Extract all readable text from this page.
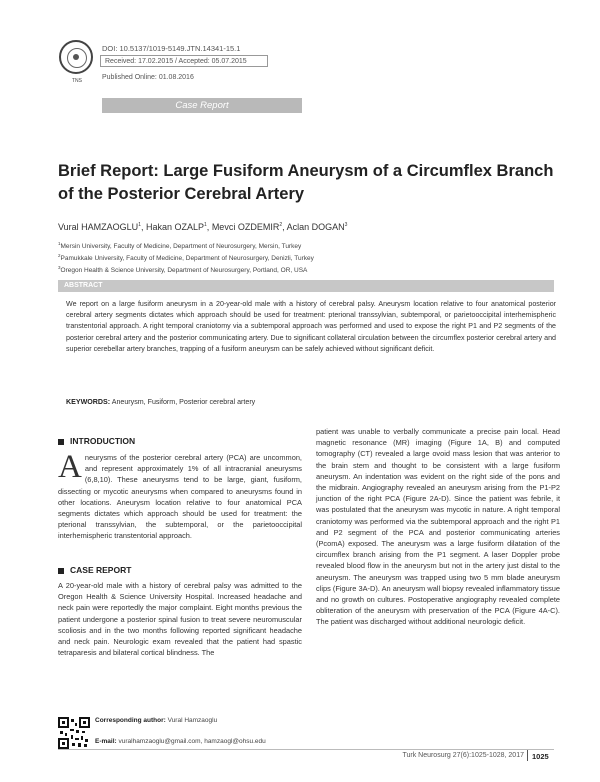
TNS
DOI: 10.5137/1019-5149.JTN.14341-15.1
Received: 17.02.2015 / Accepted: 05.07.2015
Published Online: 01.08.2016
Case Report
Brief Report: Large Fusiform Aneurysm of a Circumflex Branch of the Posterior Cerebral Artery
Vural HAMZAOGLU$^1$, Hakan OZALP$^1$, Mevci OZDEMIR$^2$, Aclan DOGAN$^3$
$^1$Mersin University, Faculty of Medicine, Department of Neurosurgery, Mersin, Turkey
$^2$Pamukkale University, Faculty of Medicine, Department of Neurosurgery, Denizli, Turkey
$^3$Oregon Health & Science University, Department of Neurosurgery, Portland, OR, USA
ABSTRACT
We report on a large fusiform aneurysm in a 20-year-old male with a history of cerebral palsy. Aneurysm location relative to four anatomical posterior cerebral artery segments dictates which approach should be used for treatment: pterional transsylvian, subtemporal, or parietooccipital interhemispheric transtentorial approach. A right temporal craniotomy via a subtemporal approach was performed and used to expose the right P1 and P2 segments of the posterior cerebral artery and the posterior communicating artery. Due to significant collateral circulation between the circumflex posterior cerebral artery and superior cerebellar artery branches, trapping of a fusiform aneurysm can be safely achieved without significant deficit.
KEYWORDS: Aneurysm, Fusiform, Posterior cerebral artery
INTRODUCTION
Aneurysms of the posterior cerebral artery (PCA) are uncommon, and represent approximately 1% of all intracranial aneurysms (6,8,10). These aneurysms tend to be large, giant, fusiform, dissecting or mycotic aneurysms when compared to aneurysms found in other locations. Aneurysm location relative to four anatomical PCA segments dictates which approach should be used for treatment: the pterional transsylvian, the subtemporal, or the parietooccipital interhemispheric transtentorial approach.
CASE REPORT
A 20-year-old male with a history of cerebral palsy was admitted to the Oregon Health & Science University Hospital. Increased headache and neck pain were reportedly the major complaint. Eight months previous the patient undergone a posterior spinal fusion to treat severe neuromuscular scoliosis and in the two months following reported significant headache and neck pain. Neurologic exam revealed that the patient had spastic tetraparesis and bilateral cortical blindness. The
patient was unable to verbally communicate a precise pain local. Head magnetic resonance (MR) imaging (Figure 1A, B) and computed tomography (CT) revealed a large ovoid mass lesion that was anterior to the brain stem and thought to be consistent with a large fusiform aneurysm. An indentation was evident on the right side of the pons and the midbrain. Angiography revealed an aneurysm arising from the P1-P2 junction of the right PCA (Figure 2A-D). Since the patient was febrile, it was postulated that the aneurysm was mycotic in nature. A right temporal craniotomy was performed via the subtemporal approach and the right P1 and P2 segment of the PCA and posterior communicating arteries (PcomA) exposed. The aneurysm was a large fusiform dilatation of the circumflex branch arising from the P1 segment. A laser Doppler probe revealed blood flow in the aneurysm but not in the artery just distal to the aneurysm. The aneurysm was trapped using two 5 mm blade aneurysm clips (Figure 3A-D). An aneurysm wall biopsy revealed inflammatory tissue and no growth on cultures. Postoperative angiography revealed complete obliteration of the aneurysm with preservation of the PCA (Figure 4A-C). The patient was discharged without additional neurologic deficit.
Corresponding author: Vural Hamzaoglu
E-mail: vuralhamzaoglu@gmail.com, hamzaogl@ohsu.edu
Turk Neurosurg 27(6):1025-1028, 2017 1025
